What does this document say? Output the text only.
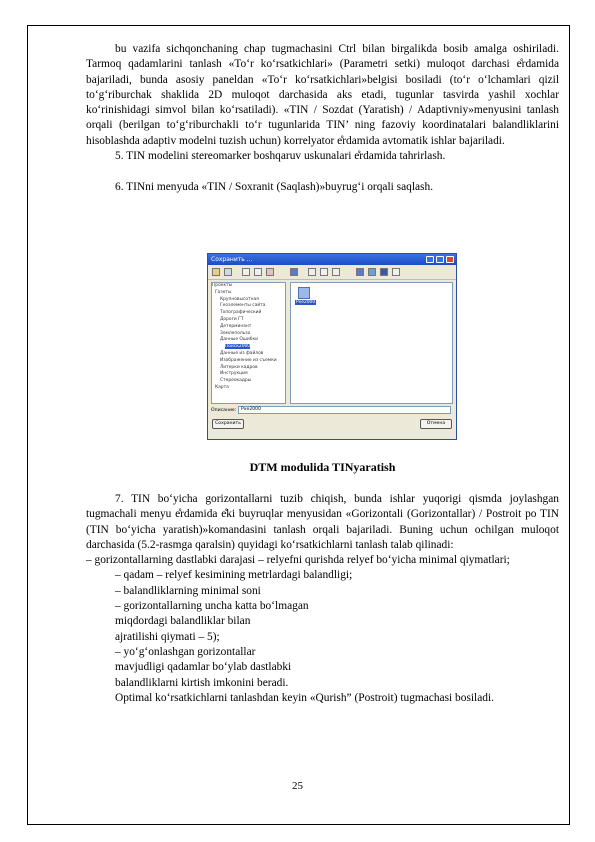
bu vazifa sichqonchaning chap tugmachasini Ctrl bilan birgalikda bosib amalga oshiriladi. Tarmoq qadamlarini tanlash «To‘r ko‘rsatkichlari» (Parametri setki) muloqot darchasi e̊rdamida bajariladi, bunda asosiy paneldan «To‘r ko‘rsatkichlari»belgisi bosiladi (to‘r o‘lchamlari qizil to‘g‘riburchak shaklida 2D muloqot darchasida aks etadi, tugunlar tasvirda yashil xochlar ko‘rinishidagi simvol bilan ko‘rsatiladi). «TIN / Sozdat (Yaratish) / Adaptivniy»menyusini tanlash orqali (berilgan to‘g‘riburchakli to‘r tugunlarida TIN’ ning fazoviy koordinatalari balandliklarini hisoblashda adaptiv modelni tuzish uchun) korrelyator e̊rdamida avtomatik ishlar bajariladi.

5. TIN modelini stereomarker boshqaruv uskunalari e̊rdamida tahrirlash.

6. TINni menyuda «TIN / Soxranit (Saqlash)»buyrug‘i orqali saqlash.

Сохранить ...
Проекты
Газеты
Крупновысотная
Геоэлементы сайта
Топографический
Дороги ГТ
Детерминант
Землепользо
Данные Ошибки
Поиск2000
Данные из файлов
Изображение из съемки
Литерки кадров
Инструкция
Стереокадры
Карта
Рхе2000
Описание:	Рхе2000
Сохранить	Отмена
DTM modulida TINyaratish

7. TIN bo‘yicha gorizontallarni tuzib chiqish, bunda ishlar yuqorigi qismda joylashgan tugmachali menyu e̊rdamida e̊ki buyruqlar menyusidan «Gorizontali (Gorizontallar) / Postroit po TIN (TIN bo‘yicha yaratish)»komandasini tanlash orqali bajariladi. Buning uchun ochilgan muloqot darchasida (5.2-rasmga qaralsin) quyidagi ko‘rsatkichlarni tanlash talab qilinadi:

– gorizontallarning dastlabki darajasi – relyefni qurishda relyef bo‘yicha minimal qiymatlari;

– qadam – relyef kesimining metrlardagi balandligi;

– balandliklarning minimal soni

– gorizontallarning uncha katta bo‘lmagan

miqdordagi balandliklar bilan

ajratilishi qiymati – 5);

– yo‘g‘onlashgan gorizontallar

mavjudligi qadamlar bo‘ylab dastlabki

balandliklarni kirtish imkonini beradi.

Optimal ko‘rsatkichlarni tanlashdan keyin «Qurish” (Postroit) tugmachasi bosiladi.

25
